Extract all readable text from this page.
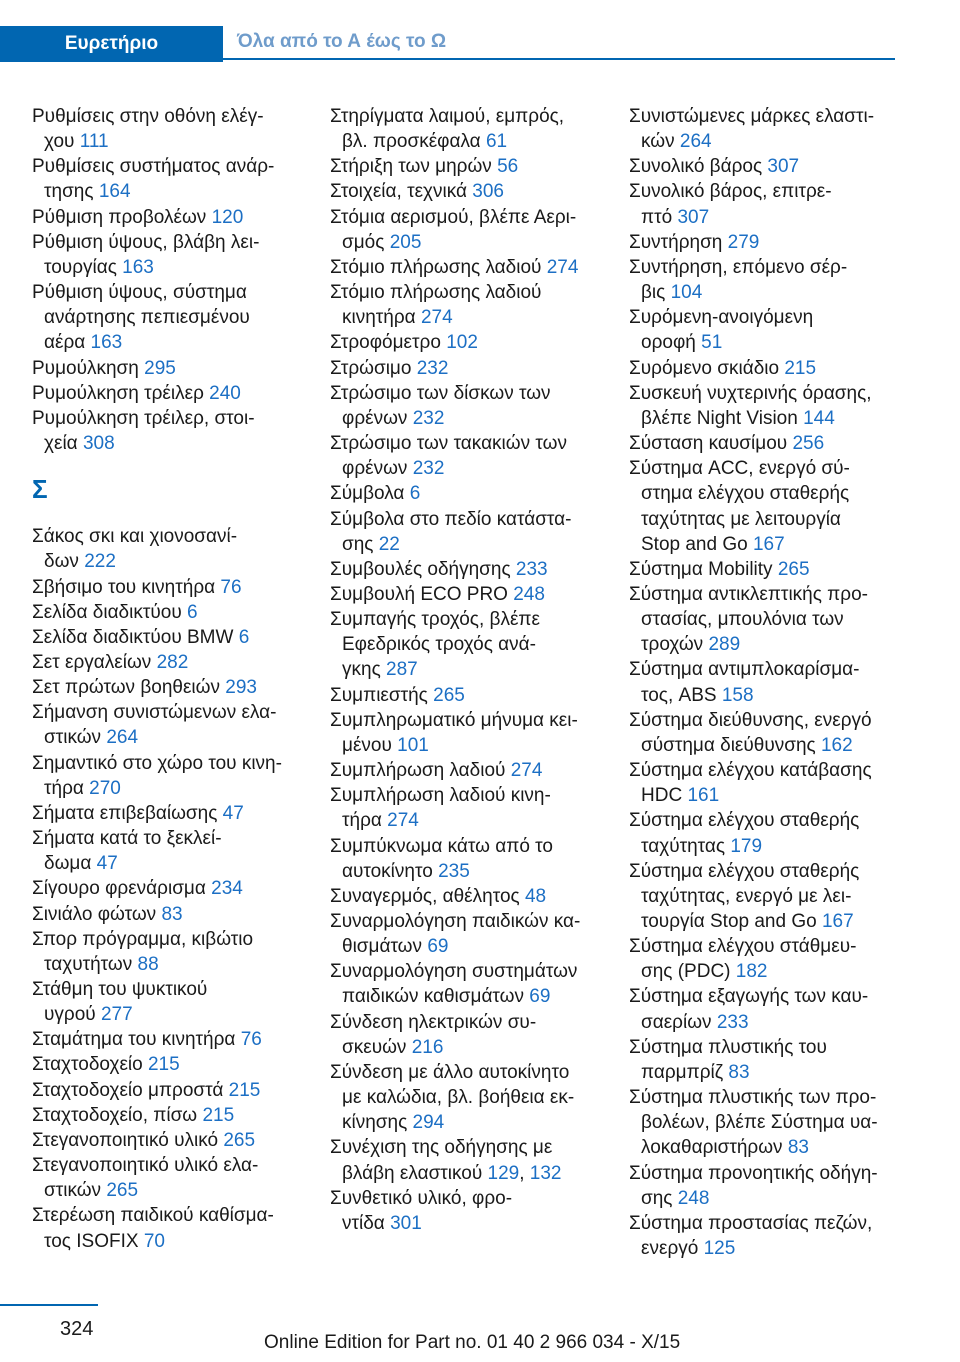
Ευρετήριο	Όλα από το Α έως το Ω
Ρυθμίσεις στην οθόνη ελέγ-
χου 111
Ρυθμίσεις συστήματος ανάρ-
τησης 164
Ρύθμιση προβολέων 120
Ρύθμιση ύψους, βλάβη λει-
τουργίας 163
Ρύθμιση ύψους, σύστημα
ανάρτησης πεπιεσμένου
αέρα 163
Ρυμούλκηση 295
Ρυμούλκηση τρέιλερ 240
Ρυμούλκηση τρέιλερ, στοι-
χεία 308
Σ
Σάκος σκι και χιονοσανί-
δων 222
Σβήσιμο του κινητήρα 76
Σελίδα διαδικτύου 6
Σελίδα διαδικτύου BMW 6
Σετ εργαλείων 282
Σετ πρώτων βοηθειών 293
Σήμανση συνιστώμενων ελα-
στικών 264
Σημαντικό στο χώρο του κινη-
τήρα 270
Σήματα επιβεβαίωσης 47
Σήματα κατά το ξεκλεί-
δωμα 47
Σίγουρο φρενάρισμα 234
Σινιάλο φώτων 83
Σπορ πρόγραμμα, κιβώτιο
ταχυτήτων 88
Στάθμη του ψυκτικού
υγρού 277
Σταμάτημα του κινητήρα 76
Σταχτοδοχείο 215
Σταχτοδοχείο μπροστά 215
Σταχτοδοχείο, πίσω 215
Στεγανοποιητικό υλικό 265
Στεγανοποιητικό υλικό ελα-
στικών 265
Στερέωση παιδικού καθίσμα-
τος ISOFIX 70
Στηρίγματα λαιμού, εμπρός,
βλ. προσκέφαλα 61
Στήριξη των μηρών 56
Στοιχεία, τεχνικά 306
Στόμια αερισμού, βλέπε Αερι-
σμός 205
Στόμιο πλήρωσης λαδιού 274
Στόμιο πλήρωσης λαδιού
κινητήρα 274
Στροφόμετρο 102
Στρώσιμο 232
Στρώσιμο των δίσκων των
φρένων 232
Στρώσιμο των τακακιών των
φρένων 232
Σύμβολα 6
Σύμβολα στο πεδίο κατάστα-
σης 22
Συμβουλές οδήγησης 233
Συμβουλή ECO PRO 248
Συμπαγής τροχός, βλέπε
Εφεδρικός τροχός ανά-
γκης 287
Συμπιεστής 265
Συμπληρωματικό μήνυμα κει-
μένου 101
Συμπλήρωση λαδιού 274
Συμπλήρωση λαδιού κινη-
τήρα 274
Συμπύκνωμα κάτω από το
αυτοκίνητο 235
Συναγερμός, αθέλητος 48
Συναρμολόγηση παιδικών κα-
θισμάτων 69
Συναρμολόγηση συστημάτων
παιδικών καθισμάτων 69
Σύνδεση ηλεκτρικών συ-
σκευών 216
Σύνδεση με άλλο αυτοκίνητο
με καλώδια, βλ. βοήθεια εκ-
κίνησης 294
Συνέχιση της οδήγησης με
βλάβη ελαστικού 129, 132
Συνθετικό υλικό, φρο-
ντίδα 301
Συνιστώμενες μάρκες ελαστι-
κών 264
Συνολικό βάρος 307
Συνολικό βάρος, επιτρε-
πτό 307
Συντήρηση 279
Συντήρηση, επόμενο σέρ-
βις 104
Συρόμενη-ανοιγόμενη
οροφή 51
Συρόμενο σκιάδιο 215
Συσκευή νυχτερινής όρασης,
βλέπε Night Vision 144
Σύσταση καυσίμου 256
Σύστημα ACC, ενεργό σύ-
στημα ελέγχου σταθερής
ταχύτητας με λειτουργία
Stop and Go 167
Σύστημα Mobility 265
Σύστημα αντικλεπτικής προ-
στασίας, μπουλόνια των
τροχών 289
Σύστημα αντιμπλοκαρίσμα-
τος, ABS 158
Σύστημα διεύθυνσης, ενεργό
σύστημα διεύθυνσης 162
Σύστημα ελέγχου κατάβασης
HDC 161
Σύστημα ελέγχου σταθερής
ταχύτητας 179
Σύστημα ελέγχου σταθερής
ταχύτητας, ενεργό με λει-
τουργία Stop and Go 167
Σύστημα ελέγχου στάθμευ-
σης (PDC) 182
Σύστημα εξαγωγής των καυ-
σαερίων 233
Σύστημα πλυστικής του
παρμπρίζ 83
Σύστημα πλυστικής των προ-
βολέων, βλέπε Σύστημα υα-
λοκαθαριστήρων 83
Σύστημα προνοητικής οδήγη-
σης 248
Σύστημα προστασίας πεζών,
ενεργό 125
324
Online Edition for Part no. 01 40 2 966 034 - X/15
